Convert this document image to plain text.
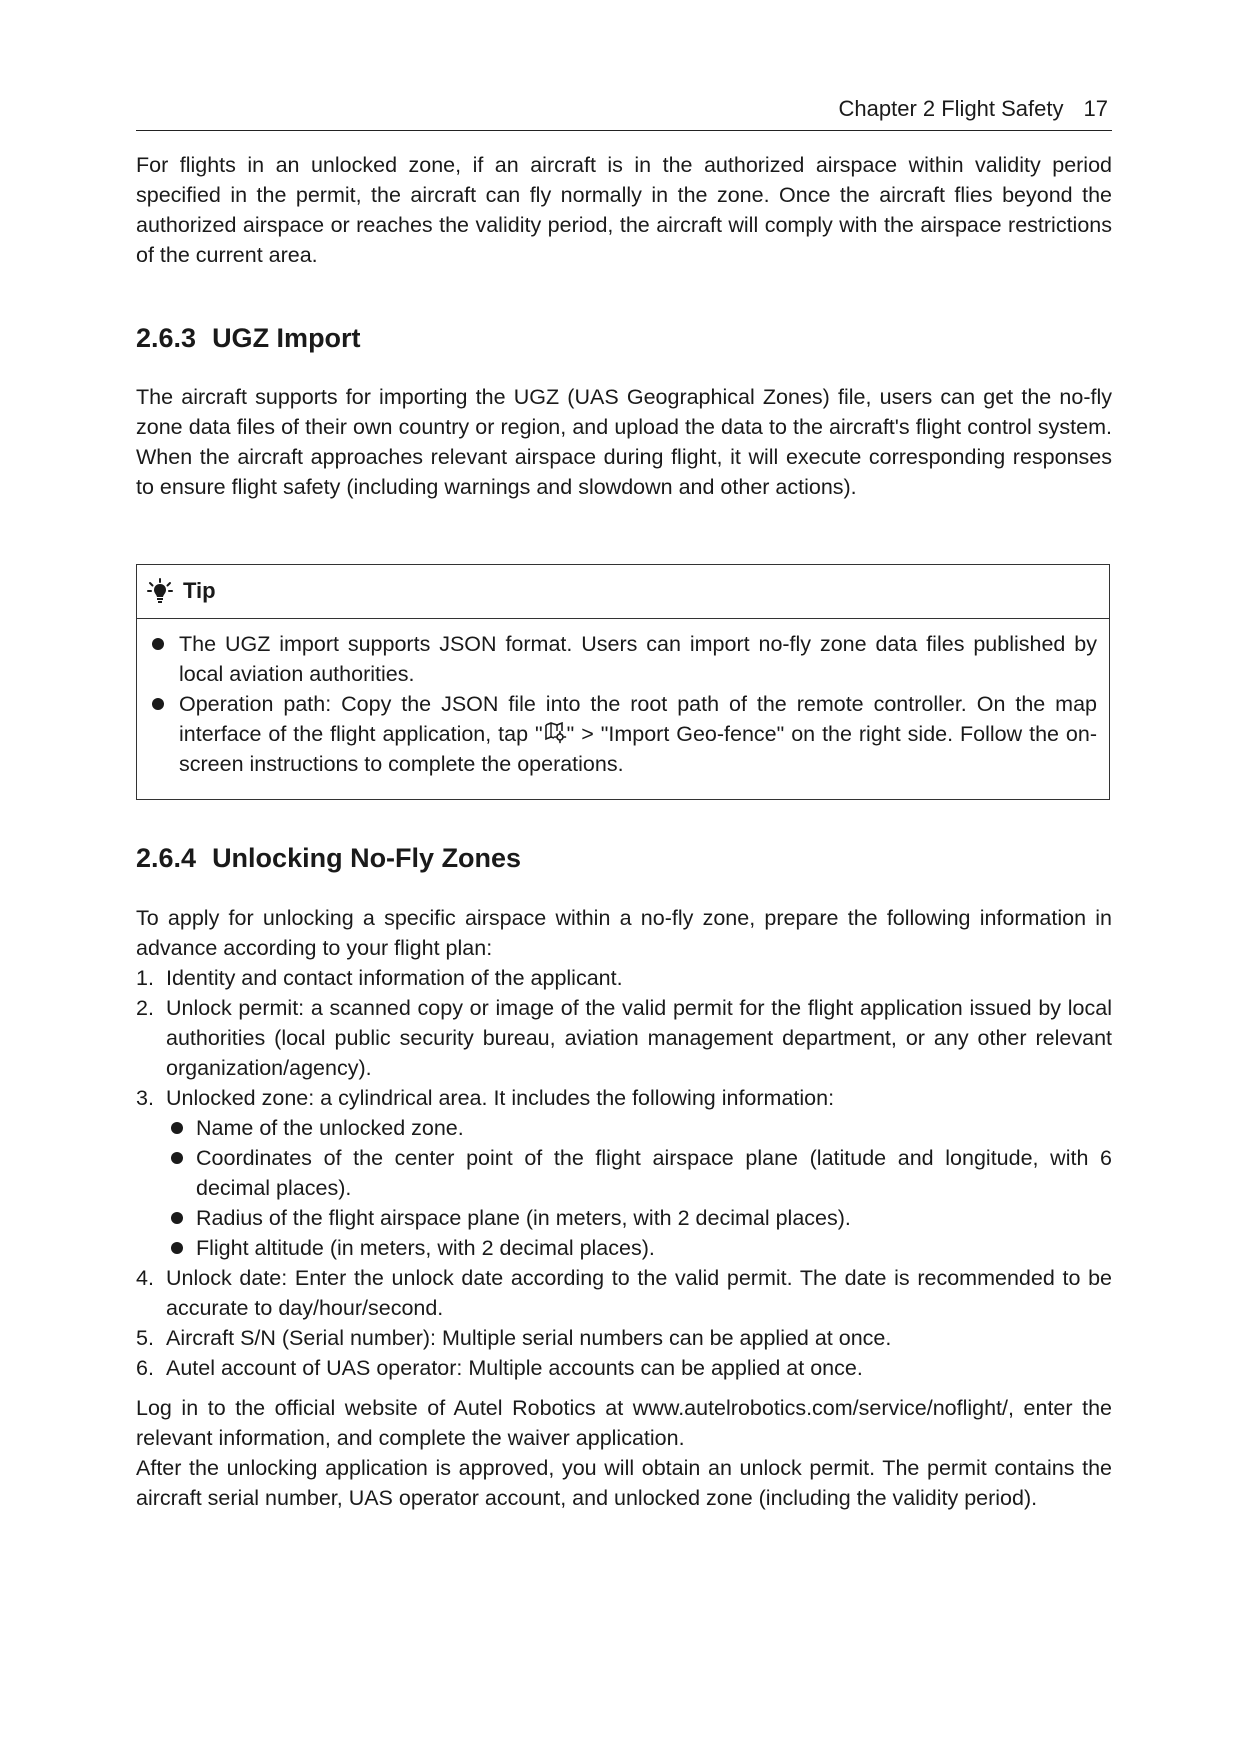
Chapter 2 Flight Safety 17

For flights in an unlocked zone, if an aircraft is in the authorized airspace within validity period specified in the permit, the aircraft can fly normally in the zone. Once the aircraft flies beyond the authorized airspace or reaches the validity period, the aircraft will comply with the airspace restrictions of the current area.

2.6.3 UGZ Import

The aircraft supports for importing the UGZ (UAS Geographical Zones) file, users can get the no-fly zone data files of their own country or region, and upload the data to the aircraft's flight control system. When the aircraft approaches relevant airspace during flight, it will execute corresponding responses to ensure flight safety (including warnings and slowdown and other actions).

Tip
The UGZ import supports JSON format. Users can import no-fly zone data files published by local aviation authorities.
Operation path: Copy the JSON file into the root path of the remote controller. On the map interface of the flight application, tap " " > "Import Geo-fence" on the right side. Follow the on-screen instructions to complete the operations.
2.6.4 Unlocking No-Fly Zones

To apply for unlocking a specific airspace within a no-fly zone, prepare the following information in advance according to your flight plan:

1. Identity and contact information of the applicant.
2. Unlock permit: a scanned copy or image of the valid permit for the flight application issued by local authorities (local public security bureau, aviation management department, or any other relevant organization/agency).
3. Unlocked zone: a cylindrical area. It includes the following information:
Name of the unlocked zone.
Coordinates of the center point of the flight airspace plane (latitude and longitude, with 6 decimal places).
Radius of the flight airspace plane (in meters, with 2 decimal places).
Flight altitude (in meters, with 2 decimal places).
4. Unlock date: Enter the unlock date according to the valid permit. The date is recommended to be accurate to day/hour/second.
5. Aircraft S/N (Serial number): Multiple serial numbers can be applied at once.
6. Autel account of UAS operator: Multiple accounts can be applied at once.

Log in to the official website of Autel Robotics at www.autelrobotics.com/service/noflight/, enter the relevant information, and complete the waiver application.

After the unlocking application is approved, you will obtain an unlock permit. The permit contains the aircraft serial number, UAS operator account, and unlocked zone (including the validity period).
